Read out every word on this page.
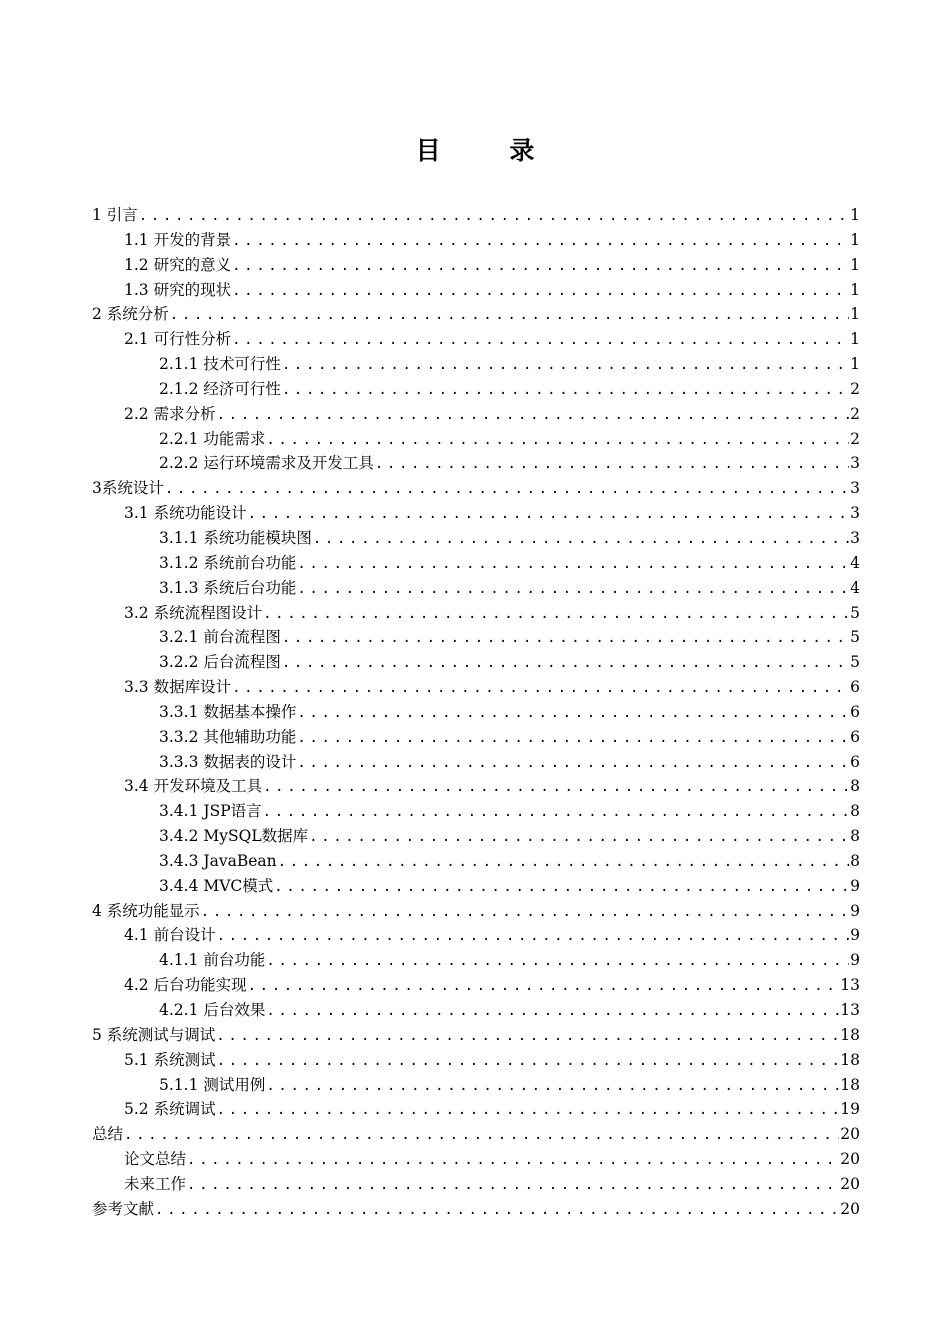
目 录
1 引言 . . .	1
1.1 开发的背景 . . .	1
1.2 研究的意义 . . .	1
1.3 研究的现状 . . .	1
2 系统分析 . . .	1
2.1 可行性分析 . . .	1
2.1.1 技术可行性 . . .	1
2.1.2 经济可行性 . . .	2
2.2 需求分析 . . .	2
2.2.1 功能需求 . . .	2
2.2.2 运行环境需求及开发工具 . . .	3
3系统设计 . . .	3
3.1 系统功能设计 . . .	3
3.1.1 系统功能模块图 . . .	3
3.1.2 系统前台功能 . . .	4
3.1.3 系统后台功能 . . .	4
3.2 系统流程图设计 . . .	5
3.2.1 前台流程图 . . .	5
3.2.2 后台流程图 . . .	5
3.3 数据库设计 . . .	6
3.3.1 数据基本操作 . . .	6
3.3.2 其他辅助功能 . . .	6
3.3.3 数据表的设计 . . .	6
3.4 开发环境及工具 . . .	8
3.4.1 JSP语言 . . .	8
3.4.2 MySQL数据库 . . .	8
3.4.3 JavaBean . . .	8
3.4.4 MVC模式 . . .	9
4 系统功能显示 . . .	9
4.1 前台设计 . . .	9
4.1.1 前台功能 . . .	9
4.2 后台功能实现 . . .	13
4.2.1 后台效果 . . .	13
5 系统测试与调试 . . .	18
5.1 系统测试 . . .	18
5.1.1 测试用例 . . .	18
5.2 系统调试 . . .	19
总结 . . .	20
论文总结 . . .	20
未来工作 . . .	20
参考文献 . . .	20
